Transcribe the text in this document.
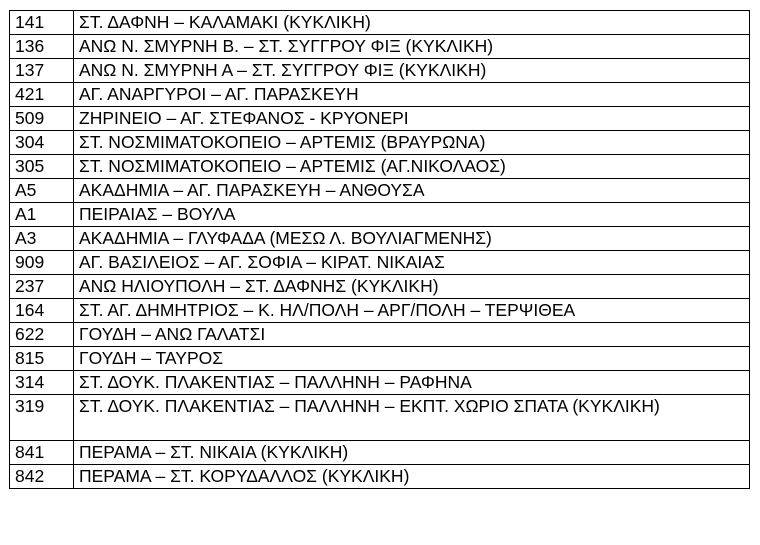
141	ΣΤ. ΔΑΦΝΗ – ΚΑΛΑΜΑΚΙ (ΚΥΚΛΙΚΗ)
136	ΑΝΩ Ν. ΣΜΥΡΝΗ Β. – ΣΤ. ΣΥΓΓΡΟΥ ΦΙΞ (ΚΥΚΛΙΚΗ)
137	ΑΝΩ Ν. ΣΜΥΡΝΗ Α – ΣΤ. ΣΥΓΓΡΟΥ ΦΙΞ (ΚΥΚΛΙΚΗ)
421	ΑΓ. ΑΝΑΡΓΥΡΟΙ – ΑΓ. ΠΑΡΑΣΚΕΥΗ
509	ΖΗΡΙΝΕΙΟ – ΑΓ. ΣΤΕΦΑΝΟΣ - ΚΡΥΟΝΕΡΙ
304	ΣΤ. ΝΟΣΜΙΜΑΤΟΚΟΠΕΙΟ – ΑΡΤΕΜΙΣ (ΒΡΑΥΡΩΝΑ)
305	ΣΤ. ΝΟΣΜΙΜΑΤΟΚΟΠΕΙΟ – ΑΡΤΕΜΙΣ (ΑΓ.ΝΙΚΟΛΑΟΣ)
Α5	ΑΚΑΔΗΜΙΑ – ΑΓ. ΠΑΡΑΣΚΕΥΗ – ΑΝΘΟΥΣΑ
Α1	ΠΕΙΡΑΙΑΣ – ΒΟΥΛΑ
Α3	ΑΚΑΔΗΜΙΑ – ΓΛΥΦΑΔΑ (ΜΕΣΩ Λ. ΒΟΥΛΙΑΓΜΕΝΗΣ)
909	ΑΓ. ΒΑΣΙΛΕΙΟΣ – ΑΓ. ΣΟΦΙΑ – ΚΙΡΑΤ. ΝΙΚΑΙΑΣ
237	ΑΝΩ ΗΛΙΟΥΠΟΛΗ – ΣΤ. ΔΑΦΝΗΣ (ΚΥΚΛΙΚΗ)
164	ΣΤ. ΑΓ. ΔΗΜΗΤΡΙΟΣ – Κ. ΗΛ/ΠΟΛΗ – ΑΡΓ/ΠΟΛΗ – ΤΕΡΨΙΘΕΑ
622	ΓΟΥΔΗ – ΑΝΩ ΓΑΛΑΤΣΙ
815	ΓΟΥΔΗ – ΤΑΥΡΟΣ
314	ΣΤ. ΔΟΥΚ. ΠΛΑΚΕΝΤΙΑΣ – ΠΑΛΛΗΝΗ – ΡΑΦΗΝΑ
319	ΣΤ. ΔΟΥΚ. ΠΛΑΚΕΝΤΙΑΣ – ΠΑΛΛΗΝΗ – ΕΚΠΤ. ΧΩΡΙΟ ΣΠΑΤΑ (ΚΥΚΛΙΚΗ)
841	ΠΕΡΑΜΑ – ΣΤ. ΝΙΚΑΙΑ (ΚΥΚΛΙΚΗ)
842	ΠΕΡΑΜΑ – ΣΤ. ΚΟΡΥΔΑΛΛΟΣ (ΚΥΚΛΙΚΗ)
